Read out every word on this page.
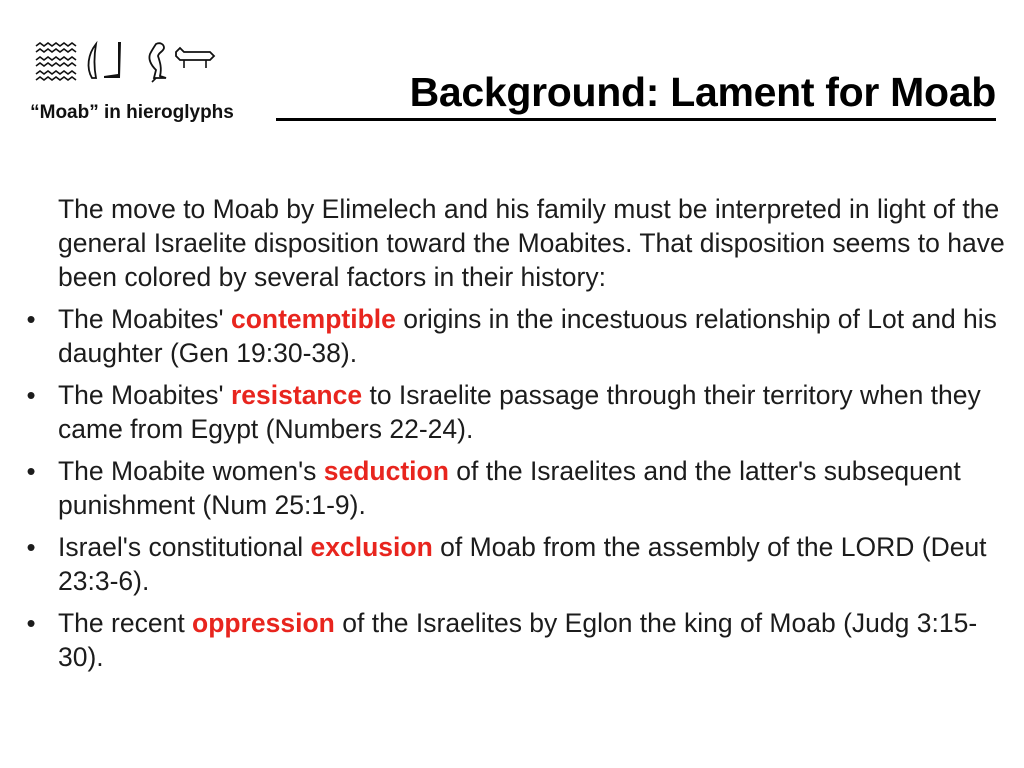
“Moab” in hieroglyphs	Background: Lament for Moab

The move to Moab by Elimelech and his family must be interpreted in light of the general Israelite disposition toward the Moabites. That disposition seems to have been colored by several factors in their history:

• The Moabites' contemptible origins in the incestuous relationship of Lot and his daughter (Gen 19:30-38).
• The Moabites' resistance to Israelite passage through their territory when they came from Egypt (Numbers 22-24).
• The Moabite women's seduction of the Israelites and the latter's subsequent punishment (Num 25:1-9).
• Israel's constitutional exclusion of Moab from the assembly of the LORD (Deut 23:3-6).
• The recent oppression of the Israelites by Eglon the king of Moab (Judg 3:15-30).
